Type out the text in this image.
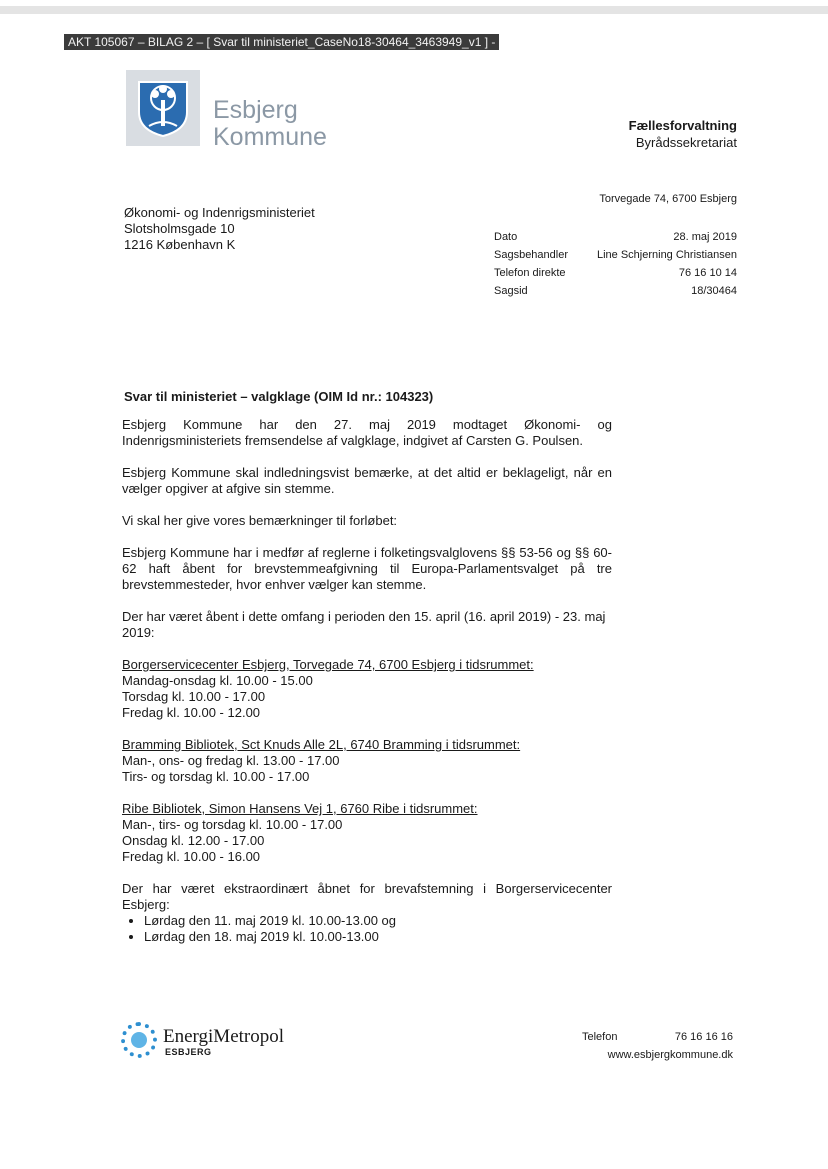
AKT 105067 – BILAG 2 – [ Svar til ministeriet_CaseNo18-30464_3463949_v1 ] -
Esbjerg
Kommune	Fællesforvaltning
Byrådssekretariat
Torvegade 74, 6700 Esbjerg
Økonomi- og Indenrigsministeriet
Slotsholmsgade 10
1216 København K	Dato	28. maj 2019
Sagsbehandler	Line Schjerning Christiansen
Telefon direkte	76 16 10 14
Sagsid	18/30464
Svar til ministeriet – valgklage (OIM Id nr.: 104323)

Esbjerg Kommune har den 27. maj 2019 modtaget Økonomi- og Indenrigsministeriets fremsendelse af valgklage, indgivet af Carsten G. Poulsen.

Esbjerg Kommune skal indledningsvist bemærke, at det altid er beklageligt, når en vælger opgiver at afgive sin stemme.

Vi skal her give vores bemærkninger til forløbet:

Esbjerg Kommune har i medfør af reglerne i folketingsvalglovens §§ 53-56 og §§ 60- 62 haft åbent for brevstemmeafgivning til Europa-Parlamentsvalget på tre brevstemmesteder, hvor enhver vælger kan stemme.

Der har været åbent i dette omfang i perioden den 15. april (16. april 2019) - 23. maj 2019:

Borgerservicecenter Esbjerg, Torvegade 74, 6700 Esbjerg i tidsrummet:
Mandag-onsdag kl. 10.00 - 15.00
Torsdag kl. 10.00 - 17.00
Fredag kl. 10.00 - 12.00
Bramming Bibliotek, Sct Knuds Alle 2L, 6740 Bramming i tidsrummet:
Man-, ons- og fredag kl. 13.00 - 17.00
Tirs- og torsdag kl. 10.00 - 17.00
Ribe Bibliotek, Simon Hansens Vej 1, 6760 Ribe i tidsrummet:
Man-, tirs- og torsdag kl. 10.00 - 17.00
Onsdag kl. 12.00 - 17.00
Fredag kl. 10.00 - 16.00
Der har været ekstraordinært åbnet for brevafstemning i Borgerservicecenter Esbjerg:
• Lørdag den 11. maj 2019 kl. 10.00-13.00 og
• Lørdag den 18. maj 2019 kl. 10.00-13.00
EnergiMetropol
ESBJERG
Telefon	76 16 16 16
www.esbjergkommune.dk
